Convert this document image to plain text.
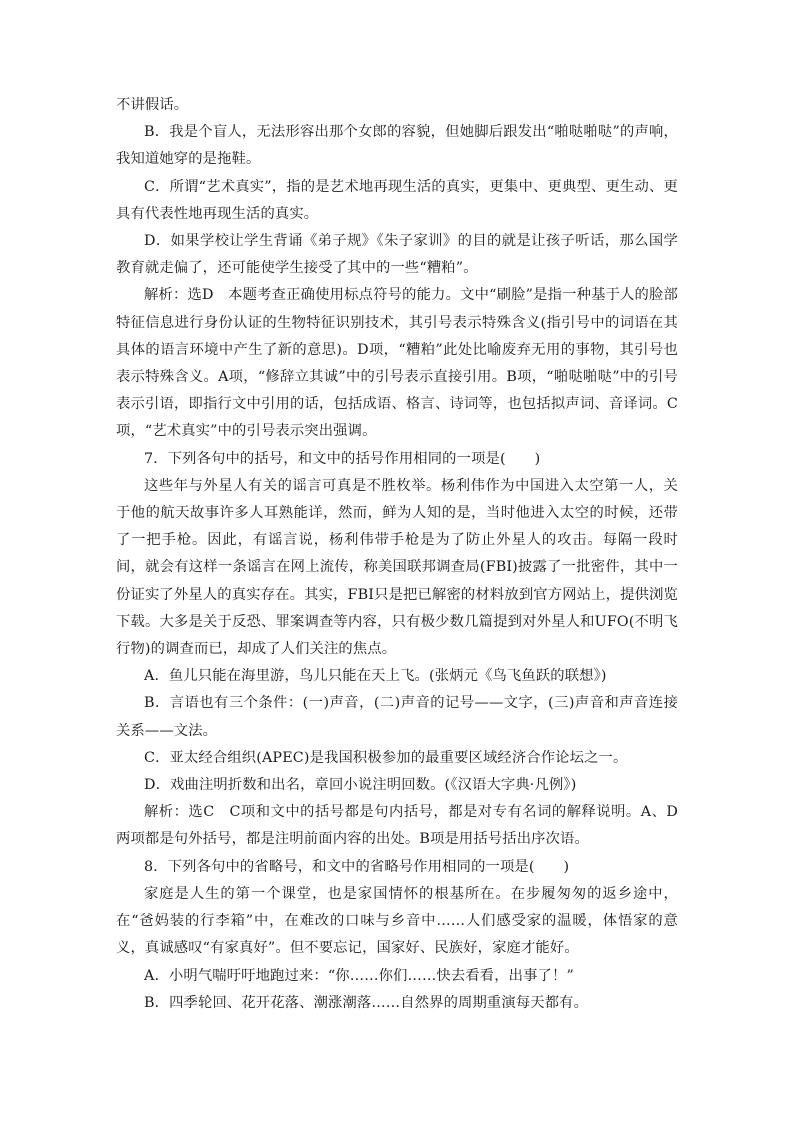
不讲假话。

B．我是个盲人，无法形容出那个女郎的容貌，但她脚后跟发出“啪哒啪哒”的声响，我知道她穿的是拖鞋。

C．所谓“艺术真实”，指的是艺术地再现生活的真实，更集中、更典型、更生动、更具有代表性地再现生活的真实。

D．如果学校让学生背诵《弟子规》《朱子家训》的目的就是让孩子听话，那么国学教育就走偏了，还可能使学生接受了其中的一些“糟粕”。

解析：选D　本题考查正确使用标点符号的能力。文中“刷脸”是指一种基于人的脸部特征信息进行身份认证的生物特征识别技术，其引号表示特殊含义(指引号中的词语在其具体的语言环境中产生了新的意思)。D项，“糟粕”此处比喻废弃无用的事物，其引号也表示特殊含义。A项，“修辞立其诚”中的引号表示直接引用。B项，“啪哒啪哒”中的引号表示引语，即指行文中引用的话，包括成语、格言、诗词等，也包括拟声词、音译词。C项，“艺术真实”中的引号表示突出强调。

7．下列各句中的括号，和文中的括号作用相同的一项是(　　)

这些年与外星人有关的谣言可真是不胜枚举。杨利伟作为中国进入太空第一人，关于他的航天故事许多人耳熟能详，然而，鲜为人知的是，当时他进入太空的时候，还带了一把手枪。因此，有谣言说，杨利伟带手枪是为了防止外星人的攻击。每隔一段时间，就会有这样一条谣言在网上流传，称美国联邦调查局(FBI)披露了一批密件，其中一份证实了外星人的真实存在。其实，FBI只是把已解密的材料放到官方网站上，提供浏览下载。大多是关于反恐、罪案调查等内容，只有极少数几篇提到对外星人和UFO(不明飞行物)的调查而已，却成了人们关注的焦点。

A．鱼儿只能在海里游，鸟儿只能在天上飞。(张炳元《鸟飞鱼跃的联想》)

B．言语也有三个条件：(一)声音，(二)声音的记号——文字，(三)声音和声音连接关系——文法。

C．亚太经合组织(APEC)是我国积极参加的最重要区域经济合作论坛之一。

D．戏曲注明折数和出名，章回小说注明回数。(《汉语大字典·凡例》)

解析：选C　C项和文中的括号都是句内括号，都是对专有名词的解释说明。A、D两项都是句外括号，都是注明前面内容的出处。B项是用括号括出序次语。

8．下列各句中的省略号，和文中的省略号作用相同的一项是(　　)

家庭是人生的第一个课堂，也是家国情怀的根基所在。在步履匆匆的返乡途中，在“爸妈装的行李箱”中，在难改的口味与乡音中……人们感受家的温暖，体悟家的意义，真诚感叹“有家真好”。但不要忘记，国家好、民族好，家庭才能好。

A．小明气喘吁吁地跑过来：“你……你们……快去看看，出事了！”

B．四季轮回、花开花落、潮涨潮落……自然界的周期重演每天都有。
